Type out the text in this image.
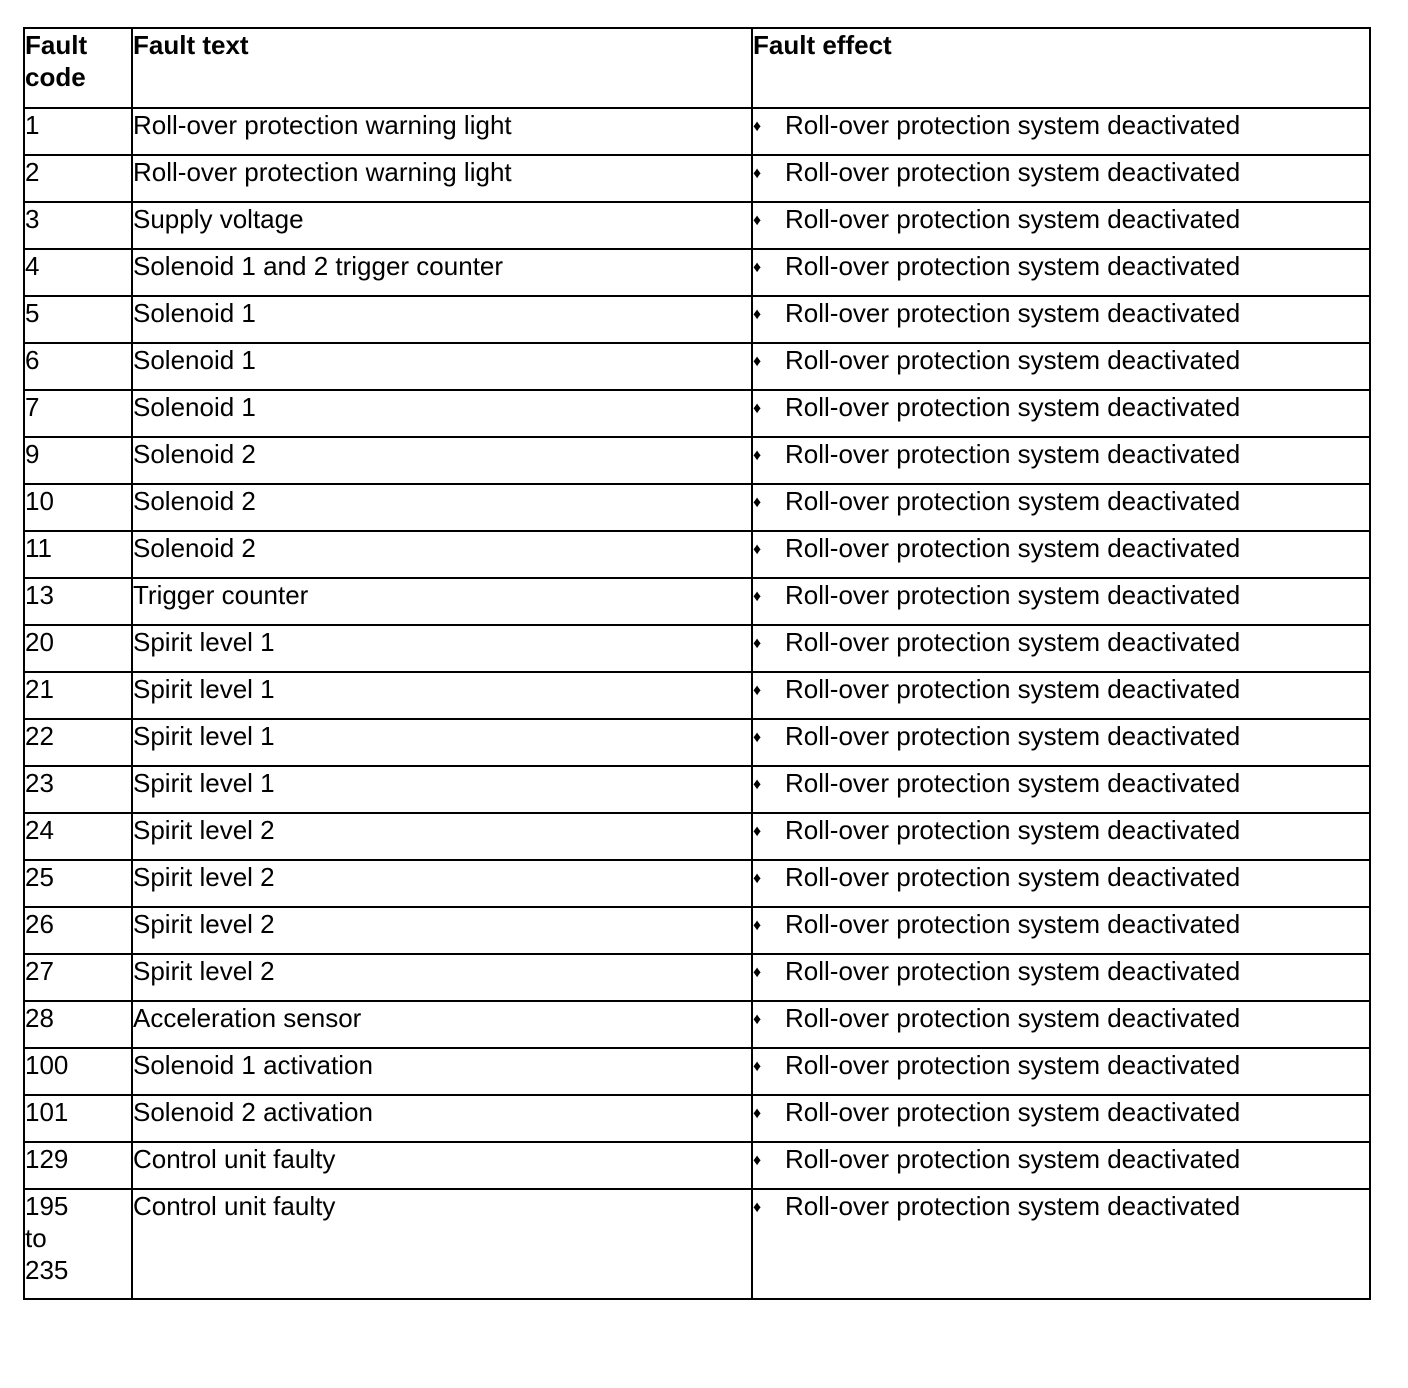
Fault
code	Fault text	Fault effect
1	Roll-over protection warning light	♦ Roll-over protection system deactivated
2	Roll-over protection warning light	♦ Roll-over protection system deactivated
3	Supply voltage	♦ Roll-over protection system deactivated
4	Solenoid 1 and 2 trigger counter	♦ Roll-over protection system deactivated
5	Solenoid 1	♦ Roll-over protection system deactivated
6	Solenoid 1	♦ Roll-over protection system deactivated
7	Solenoid 1	♦ Roll-over protection system deactivated
9	Solenoid 2	♦ Roll-over protection system deactivated
10	Solenoid 2	♦ Roll-over protection system deactivated
11	Solenoid 2	♦ Roll-over protection system deactivated
13	Trigger counter	♦ Roll-over protection system deactivated
20	Spirit level 1	♦ Roll-over protection system deactivated
21	Spirit level 1	♦ Roll-over protection system deactivated
22	Spirit level 1	♦ Roll-over protection system deactivated
23	Spirit level 1	♦ Roll-over protection system deactivated
24	Spirit level 2	♦ Roll-over protection system deactivated
25	Spirit level 2	♦ Roll-over protection system deactivated
26	Spirit level 2	♦ Roll-over protection system deactivated
27	Spirit level 2	♦ Roll-over protection system deactivated
28	Acceleration sensor	♦ Roll-over protection system deactivated
100	Solenoid 1 activation	♦ Roll-over protection system deactivated
101	Solenoid 2 activation	♦ Roll-over protection system deactivated
129	Control unit faulty	♦ Roll-over protection system deactivated
195
to
235	Control unit faulty	♦ Roll-over protection system deactivated
